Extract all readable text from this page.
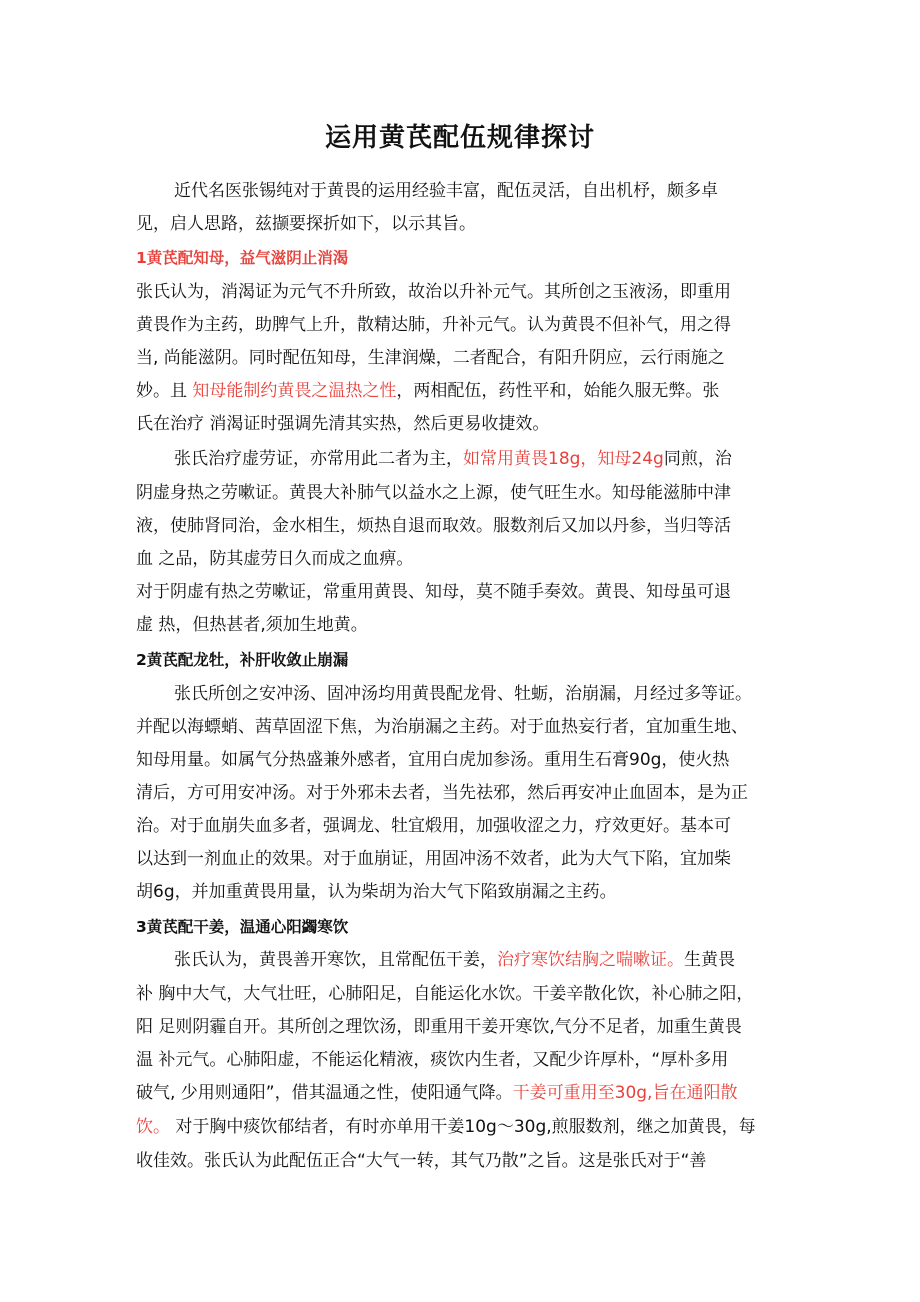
运用黄芪配伍规律探讨
近代名医张锡纯对于黄畏的运用经验丰富，配伍灵活，自出机杼，颇多卓
见，启人思路，兹撷要探折如下，以示其旨。
1黄芪配知母，益气滋阴止消渴
张氏认为，消渴证为元气不升所致，故治以升补元气。其所创之玉液汤，即重用
黄畏作为主药，助脾气上升，散精达肺，升补元气。认为黄畏不但补气，用之得
当, 尚能滋阴。同时配伍知母，生津润燥，二者配合，有阳升阴应，云行雨施之
妙。且 知母能制约黄畏之温热之性，两相配伍，药性平和，始能久服无弊。张
氏在治疗 消渴证时强调先清其实热，然后更易收捷效。
张氏治疗虚劳证，亦常用此二者为主，如常用黄畏18g，知母24g同煎，治
阴虚身热之劳嗽证。黄畏大补肺气以益水之上源，使气旺生水。知母能滋肺中津
液，使肺肾同治，金水相生，烦热自退而取效。服数剂后又加以丹参，当归等活
血 之品，防其虚劳日久而成之血痹。
对于阴虚有热之劳嗽证，常重用黄畏、知母，莫不随手奏效。黄畏、知母虽可退
虚 热，但热甚者,须加生地黄。
2黄芪配龙牡，补肝收敛止崩漏
张氏所创之安冲汤、固冲汤均用黄畏配龙骨、牡蛎，治崩漏，月经过多等证。
并配以海螵蛸、茜草固涩下焦，为治崩漏之主药。对于血热妄行者，宜加重生地、
知母用量。如属气分热盛兼外感者，宜用白虎加参汤。重用生石膏90g，使火热
清后，方可用安冲汤。对于外邪未去者，当先祛邪，然后再安冲止血固本，是为正
治。对于血崩失血多者，强调龙、牡宜煅用，加强收涩之力，疗效更好。基本可
以达到一剂血止的效果。对于血崩证，用固冲汤不效者，此为大气下陷，宜加柴
胡6g，并加重黄畏用量，认为柴胡为治大气下陷致崩漏之主药。
3黄芪配干姜，温通心阳蠲寒饮
张氏认为，黄畏善开寒饮，且常配伍干姜，治疗寒饮结胸之喘嗽证。生黄畏
补 胸中大气，大气壮旺，心肺阳足，自能运化水饮。干姜辛散化饮，补心肺之阳，
阳 足则阴霾自开。其所创之理饮汤，即重用干姜开寒饮,气分不足者，加重生黄畏
温 补元气。心肺阳虚，不能运化精液，痰饮内生者，又配少许厚朴，“厚朴多用
破气, 少用则通阳”，借其温通之性，使阳通气降。干姜可重用至30g,旨在通阳散
饮。 对于胸中痰饮郁结者，有时亦单用干姜10g〜30g,煎服数剂，继之加黄畏，每
收佳效。张氏认为此配伍正合“大气一转，其气乃散”之旨。这是张氏对于“善
